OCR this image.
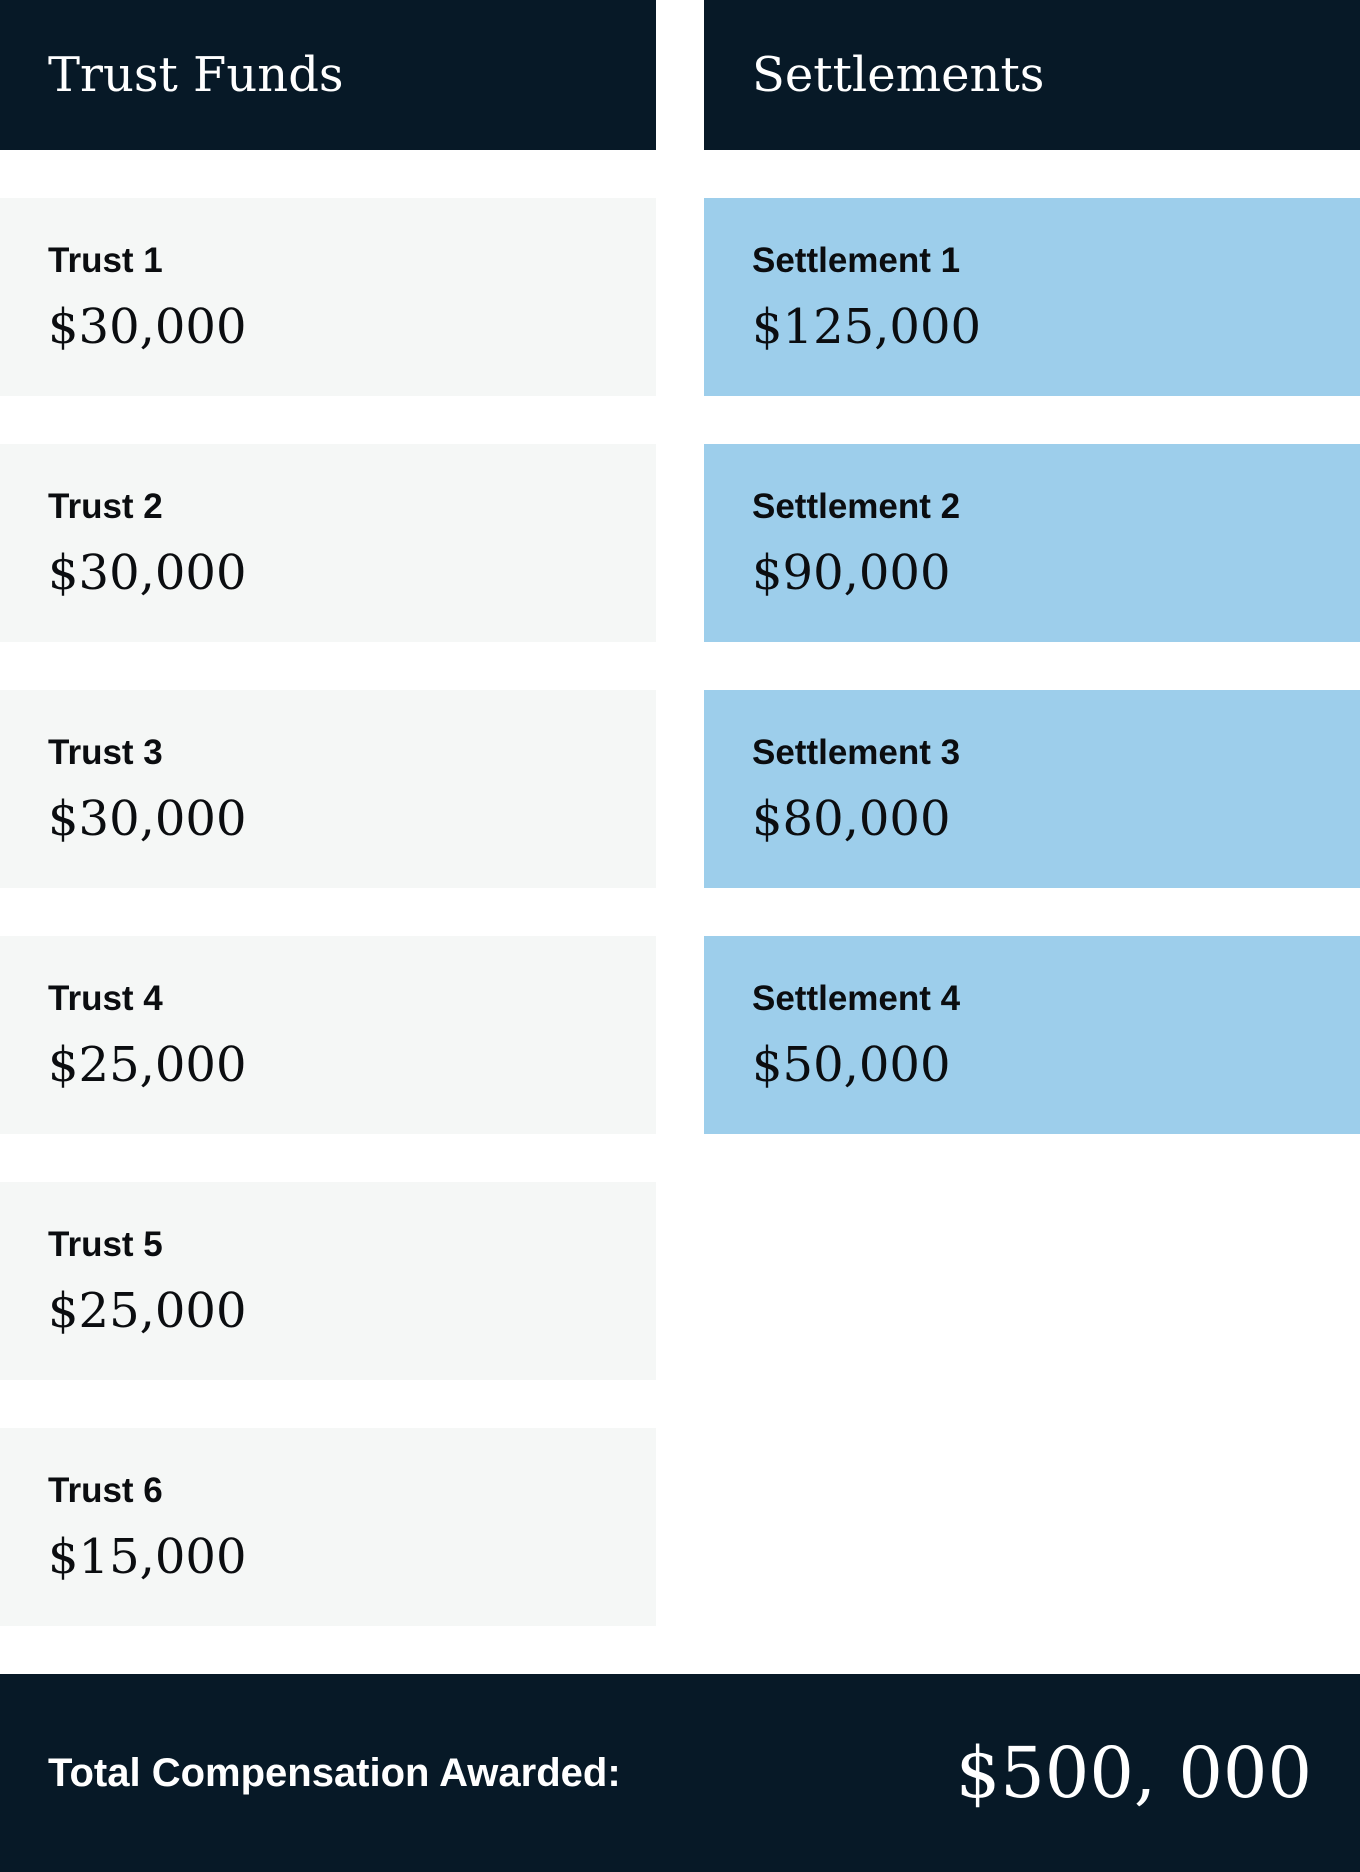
Trust Funds
Trust 1
$30,000
Trust 2
$30,000
Trust 3
$30,000
Trust 4
$25,000
Trust 5
$25,000
Trust 6
$15,000
Settlements
Settlement 1
$125,000
Settlement 2
$90,000
Settlement 3
$80,000
Settlement 4
$50,000
Total Compensation Awarded:	$500, 000
